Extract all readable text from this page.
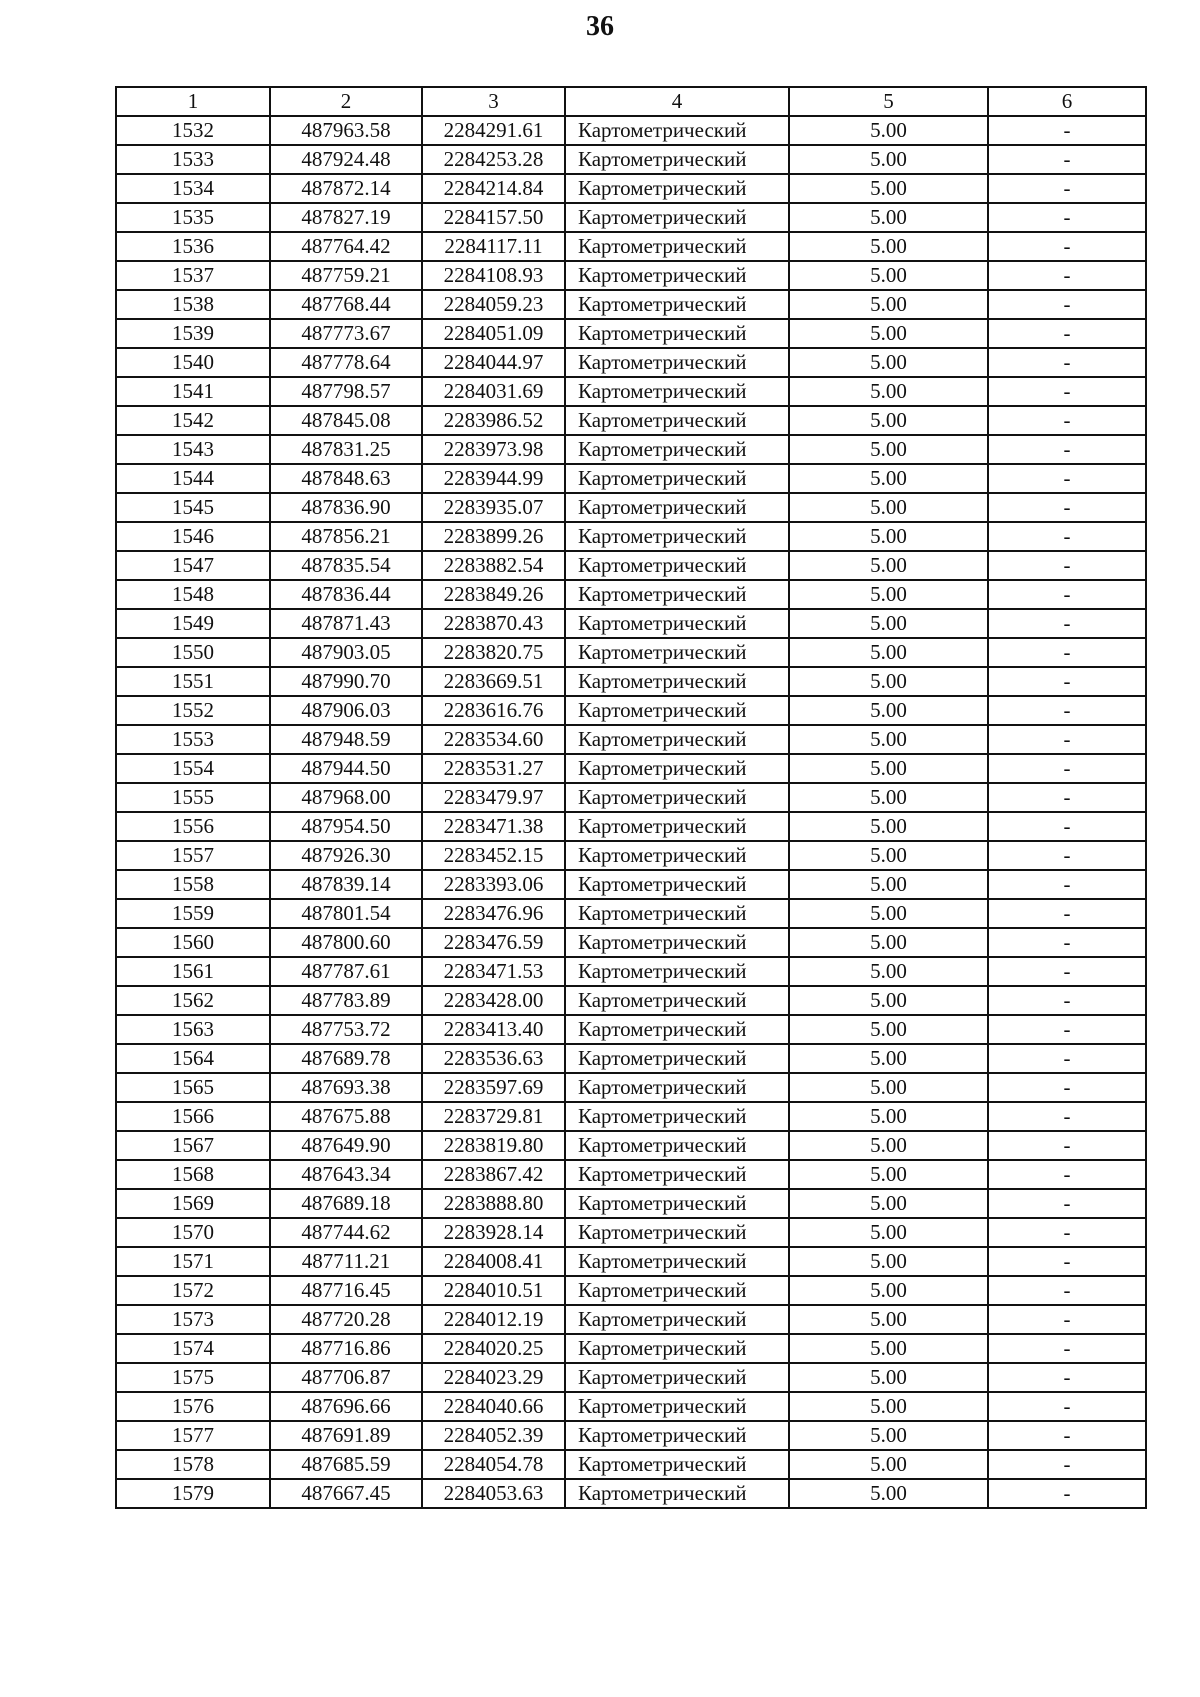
36
1	2	3	4	5	6
1532	487963.58	2284291.61	Картометрический	5.00	-
1533	487924.48	2284253.28	Картометрический	5.00	-
1534	487872.14	2284214.84	Картометрический	5.00	-
1535	487827.19	2284157.50	Картометрический	5.00	-
1536	487764.42	2284117.11	Картометрический	5.00	-
1537	487759.21	2284108.93	Картометрический	5.00	-
1538	487768.44	2284059.23	Картометрический	5.00	-
1539	487773.67	2284051.09	Картометрический	5.00	-
1540	487778.64	2284044.97	Картометрический	5.00	-
1541	487798.57	2284031.69	Картометрический	5.00	-
1542	487845.08	2283986.52	Картометрический	5.00	-
1543	487831.25	2283973.98	Картометрический	5.00	-
1544	487848.63	2283944.99	Картометрический	5.00	-
1545	487836.90	2283935.07	Картометрический	5.00	-
1546	487856.21	2283899.26	Картометрический	5.00	-
1547	487835.54	2283882.54	Картометрический	5.00	-
1548	487836.44	2283849.26	Картометрический	5.00	-
1549	487871.43	2283870.43	Картометрический	5.00	-
1550	487903.05	2283820.75	Картометрический	5.00	-
1551	487990.70	2283669.51	Картометрический	5.00	-
1552	487906.03	2283616.76	Картометрический	5.00	-
1553	487948.59	2283534.60	Картометрический	5.00	-
1554	487944.50	2283531.27	Картометрический	5.00	-
1555	487968.00	2283479.97	Картометрический	5.00	-
1556	487954.50	2283471.38	Картометрический	5.00	-
1557	487926.30	2283452.15	Картометрический	5.00	-
1558	487839.14	2283393.06	Картометрический	5.00	-
1559	487801.54	2283476.96	Картометрический	5.00	-
1560	487800.60	2283476.59	Картометрический	5.00	-
1561	487787.61	2283471.53	Картометрический	5.00	-
1562	487783.89	2283428.00	Картометрический	5.00	-
1563	487753.72	2283413.40	Картометрический	5.00	-
1564	487689.78	2283536.63	Картометрический	5.00	-
1565	487693.38	2283597.69	Картометрический	5.00	-
1566	487675.88	2283729.81	Картометрический	5.00	-
1567	487649.90	2283819.80	Картометрический	5.00	-
1568	487643.34	2283867.42	Картометрический	5.00	-
1569	487689.18	2283888.80	Картометрический	5.00	-
1570	487744.62	2283928.14	Картометрический	5.00	-
1571	487711.21	2284008.41	Картометрический	5.00	-
1572	487716.45	2284010.51	Картометрический	5.00	-
1573	487720.28	2284012.19	Картометрический	5.00	-
1574	487716.86	2284020.25	Картометрический	5.00	-
1575	487706.87	2284023.29	Картометрический	5.00	-
1576	487696.66	2284040.66	Картометрический	5.00	-
1577	487691.89	2284052.39	Картометрический	5.00	-
1578	487685.59	2284054.78	Картометрический	5.00	-
1579	487667.45	2284053.63	Картометрический	5.00	-
